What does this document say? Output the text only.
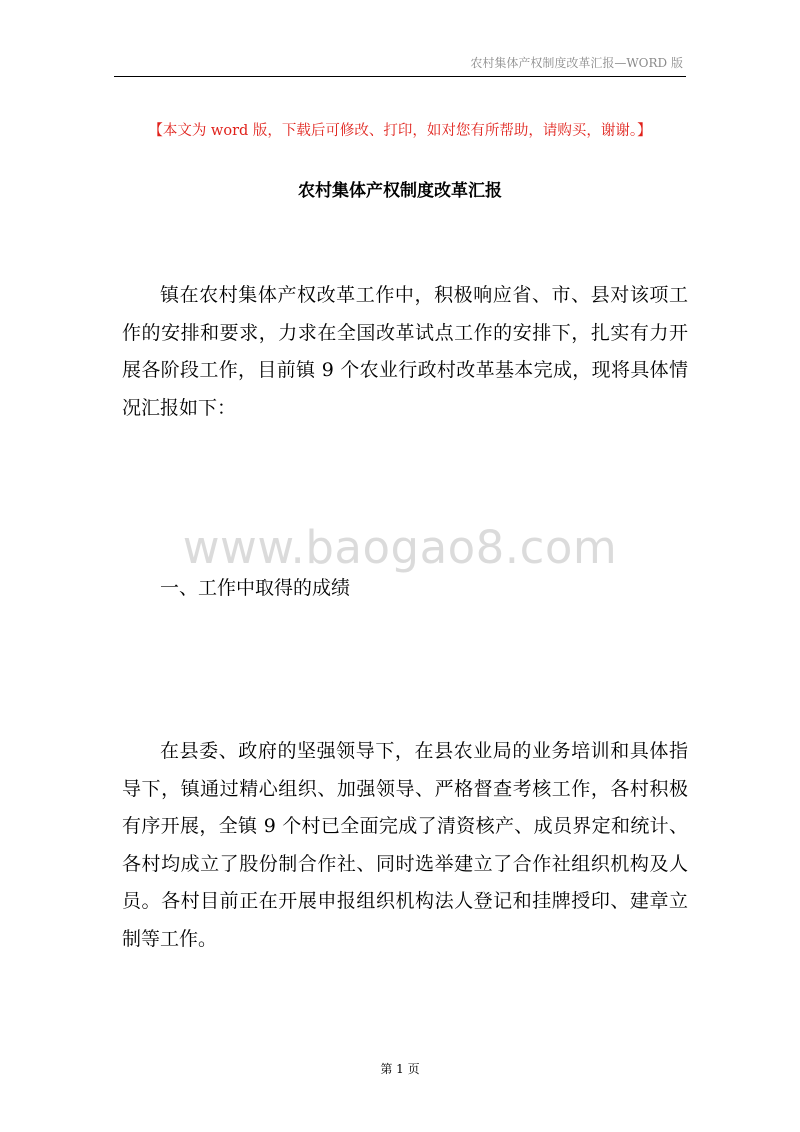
农村集体产权制度改革汇报—WORD 版
【本文为 word 版，下载后可修改、打印，如对您有所帮助，请购买，谢谢。】
农村集体产权制度改革汇报

镇在农村集体产权改革工作中，积极响应省、市、县对该项工作的安排和要求，力求在全国改革试点工作的安排下，扎实有力开展各阶段工作，目前镇 9 个农业行政村改革基本完成，现将具体情况汇报如下：

www.baogao8.com
一、工作中取得的成绩

在县委、政府的坚强领导下，在县农业局的业务培训和具体指导下，镇通过精心组织、加强领导、严格督查考核工作，各村积极有序开展，全镇 9 个村已全面完成了清资核产、成员界定和统计、各村均成立了股份制合作社、同时选举建立了合作社组织机构及人员。各村目前正在开展申报组织机构法人登记和挂牌授印、建章立制等工作。

第 1 页
